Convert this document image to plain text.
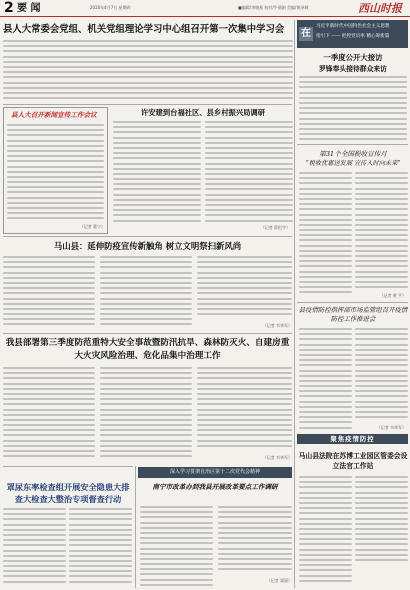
2 要 闻	2020年4月7日 星期四	■编辑/李晓燕 校对/牛丽娟 美编/黄泽城	西山时报
县人大常委会党组、机关党组理论学习中心组召开第一次集中学习会
县人大召开新闻宣传工作会议
（记者 董宁）
许安建到台福社区、县乡村振兴局调研
（记者 薛恒宇）
马山县：延伸防疫宣传新触角 树立文明祭扫新风尚
（记者 韦华军）
我县部署第三季度防范重特大安全事故暨防汛抗旱、森林防灭火、自建房重大火灾风险治理、危化品集中治理工作
（记者 韦华军）
深入学习贯彻自治区第十二次党代会精神
罩尿东率检查组开展安全隐患大排查大检查大整治专项督查行动
南宁市改革办到我县开展改革要点工作调研
（记者 梁丽）
在
习近平新时代中国特色社会主义思想
指引下 —— 把控党员率 精心筹新篇
一季度公开大接访
罗锋奉头接待群众来访
第31个全国税收宣传月
“税收优惠送发展 宣传入时向未来”
（记者 黄 平）
县疫情防控指挥部市场监管组召开疫情防控工作推进会
（记者 韦华军）
聚焦疫情防控
马山县法院在苏博工业园区管委会设立法官工作站
